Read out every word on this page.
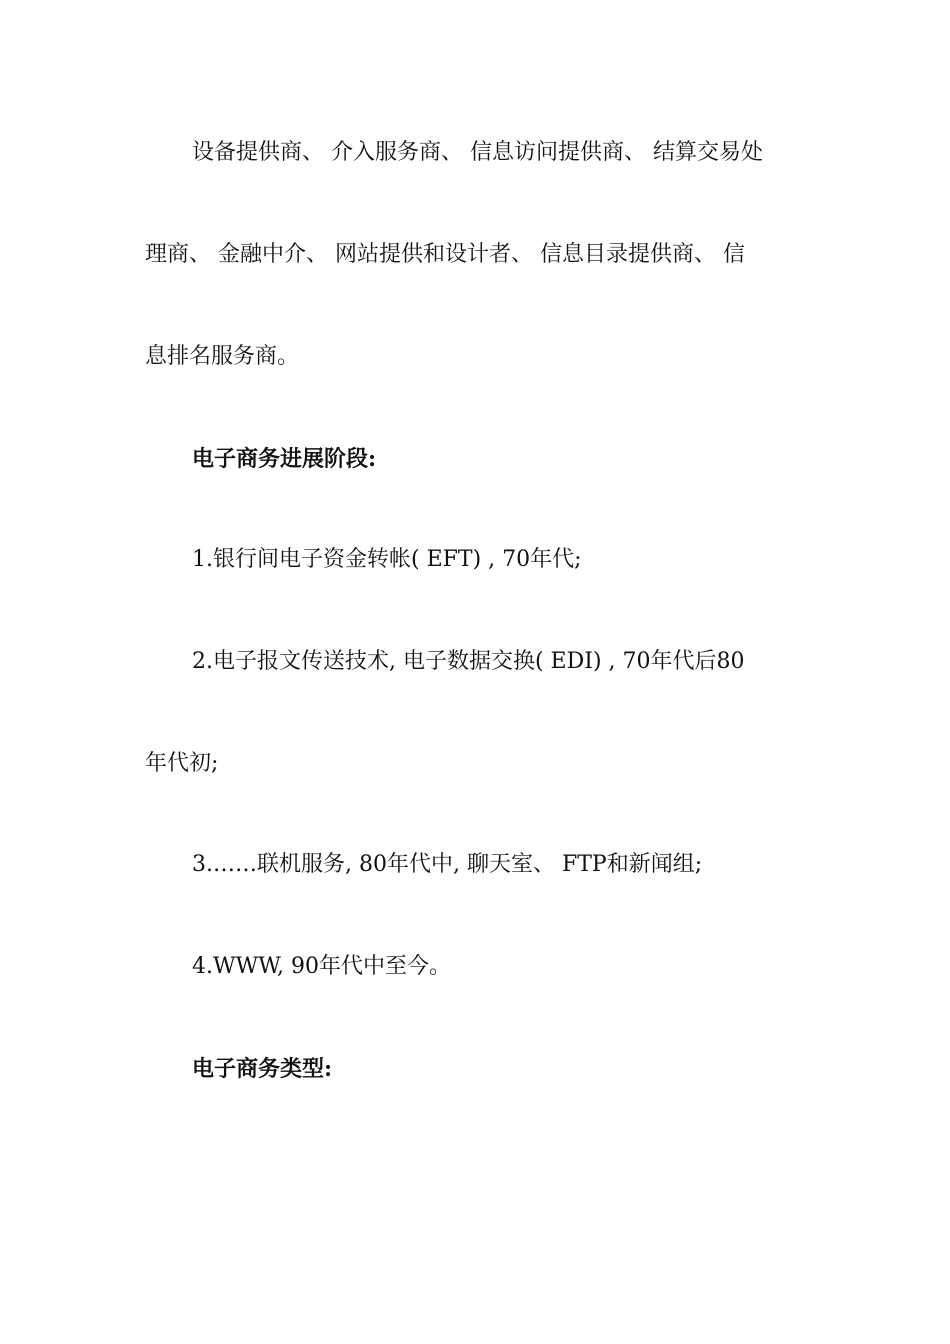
设备提供商、 介入服务商、 信息访问提供商、 结算交易处
理商、 金融中介、 网站提供和设计者、 信息目录提供商、 信
息排名服务商。
电子商务进展阶段:
1.银行间电子资金转帐( EFT) , 70年代;
2.电子报文传送技术, 电子数据交换( EDI) , 70年代后80
年代初;
3.……联机服务, 80年代中, 聊天室、 FTP和新闻组;
4.WWW, 90年代中至今。
电子商务类型:
